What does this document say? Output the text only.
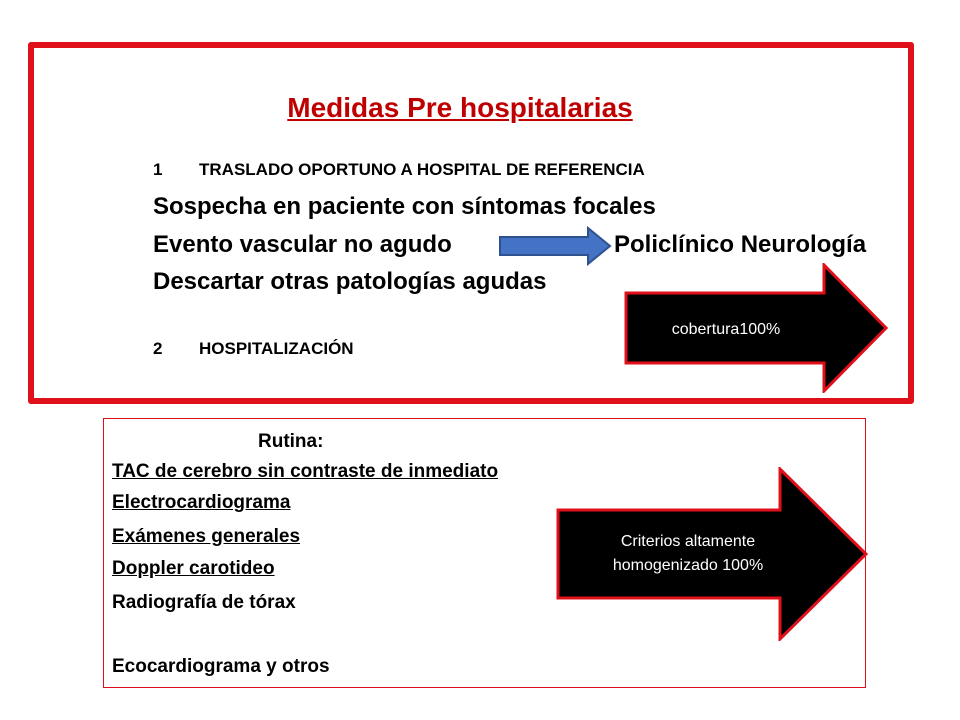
Medidas Pre hospitalarias
1 TRASLADO OPORTUNO A HOSPITAL DE REFERENCIA
Sospecha en paciente con síntomas focales
Evento vascular no agudo	Policlínico Neurología
Descartar otras patologías agudas
2 HOSPITALIZACIÓN
cobertura100%
Rutina:
TAC de cerebro sin contraste de inmediato
Electrocardiograma
Exámenes generales
Doppler carotideo
Radiografía de tórax
Ecocardiograma y otros
Criterios altamente
homogenizado 100%
